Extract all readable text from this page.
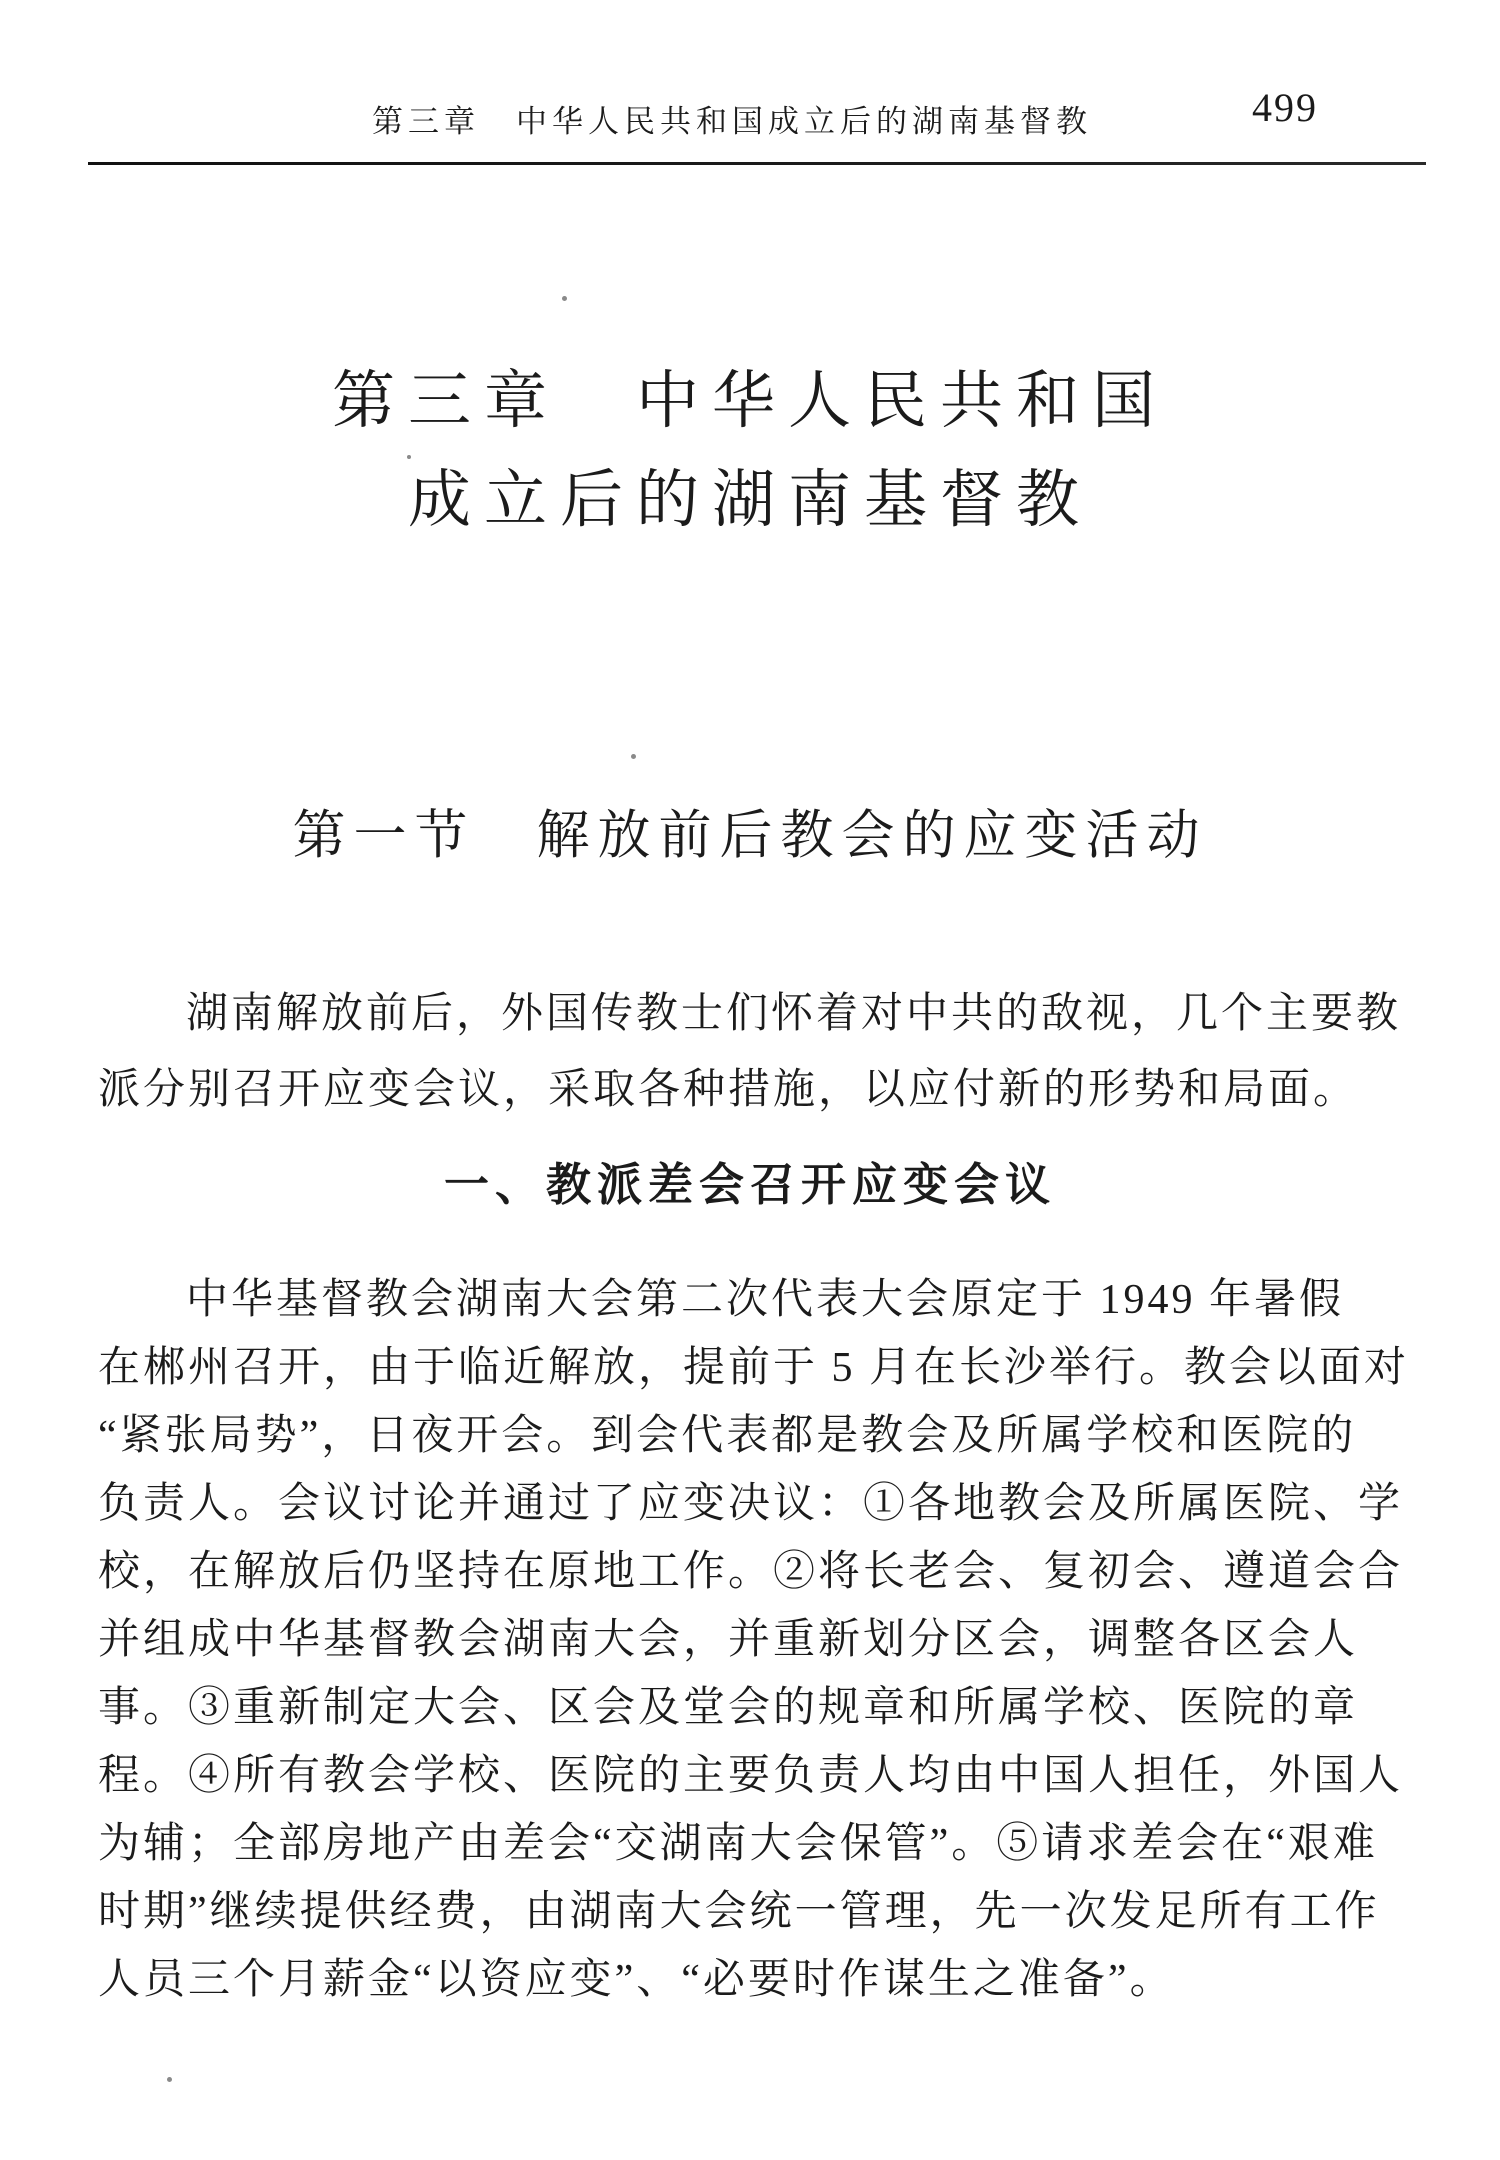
第三章　中华人民共和国成立后的湖南基督教	499
第三章　中华人民共和国
成立后的湖南基督教
第一节　解放前后教会的应变活动
湖南解放前后，外国传教士们怀着对中共的敌视，几个主要教
派分别召开应变会议，采取各种措施，以应付新的形势和局面。
一、教派差会召开应变会议
中华基督教会湖南大会第二次代表大会原定于 1949 年暑假
在郴州召开，由于临近解放，提前于 5 月在长沙举行。教会以面对
“紧张局势”，日夜开会。到会代表都是教会及所属学校和医院的
负责人。会议讨论并通过了应变决议：①各地教会及所属医院、学
校，在解放后仍坚持在原地工作。②将长老会、复初会、遵道会合
并组成中华基督教会湖南大会，并重新划分区会，调整各区会人
事。③重新制定大会、区会及堂会的规章和所属学校、医院的章
程。④所有教会学校、医院的主要负责人均由中国人担任，外国人
为辅；全部房地产由差会“交湖南大会保管”。⑤请求差会在“艰难
时期”继续提供经费，由湖南大会统一管理，先一次发足所有工作
人员三个月薪金“以资应变”、“必要时作谋生之准备”。
